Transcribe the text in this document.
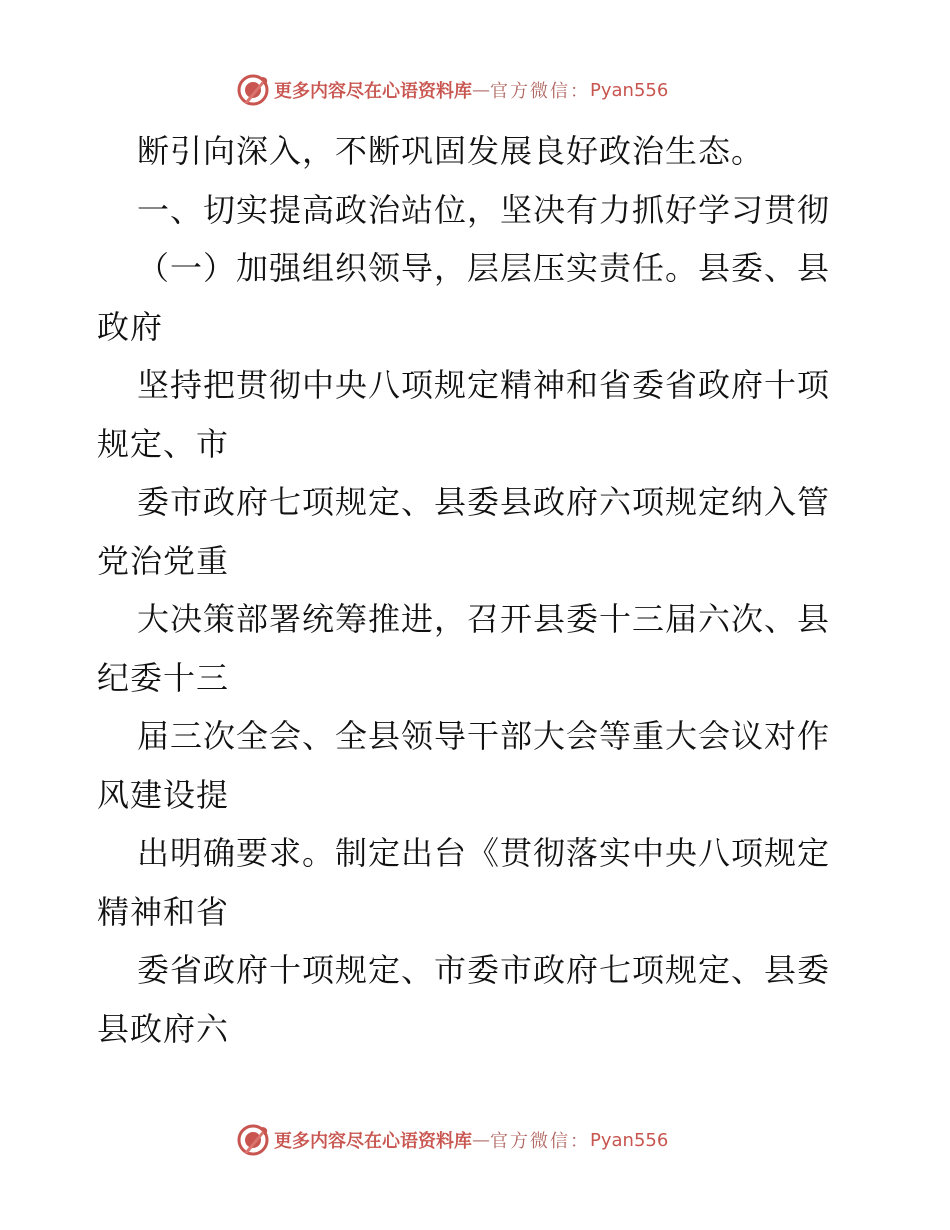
更多内容尽在心语资料库 — 官方微信： Pyan556
断引向深入，不断巩固发展良好政治生态。
一、切实提高政治站位，坚决有力抓好学习贯彻
（一）加强组织领导，层层压实责任。县委、县
政府
坚持把贯彻中央八项规定精神和省委省政府十项
规定、市
委市政府七项规定、县委县政府六项规定纳入管
党治党重
大决策部署统筹推进，召开县委十三届六次、县
纪委十三
届三次全会、全县领导干部大会等重大会议对作
风建设提
出明确要求。制定出台《贯彻落实中央八项规定
精神和省
委省政府十项规定、市委市政府七项规定、县委
县政府六
更多内容尽在心语资料库 — 官方微信： Pyan556
